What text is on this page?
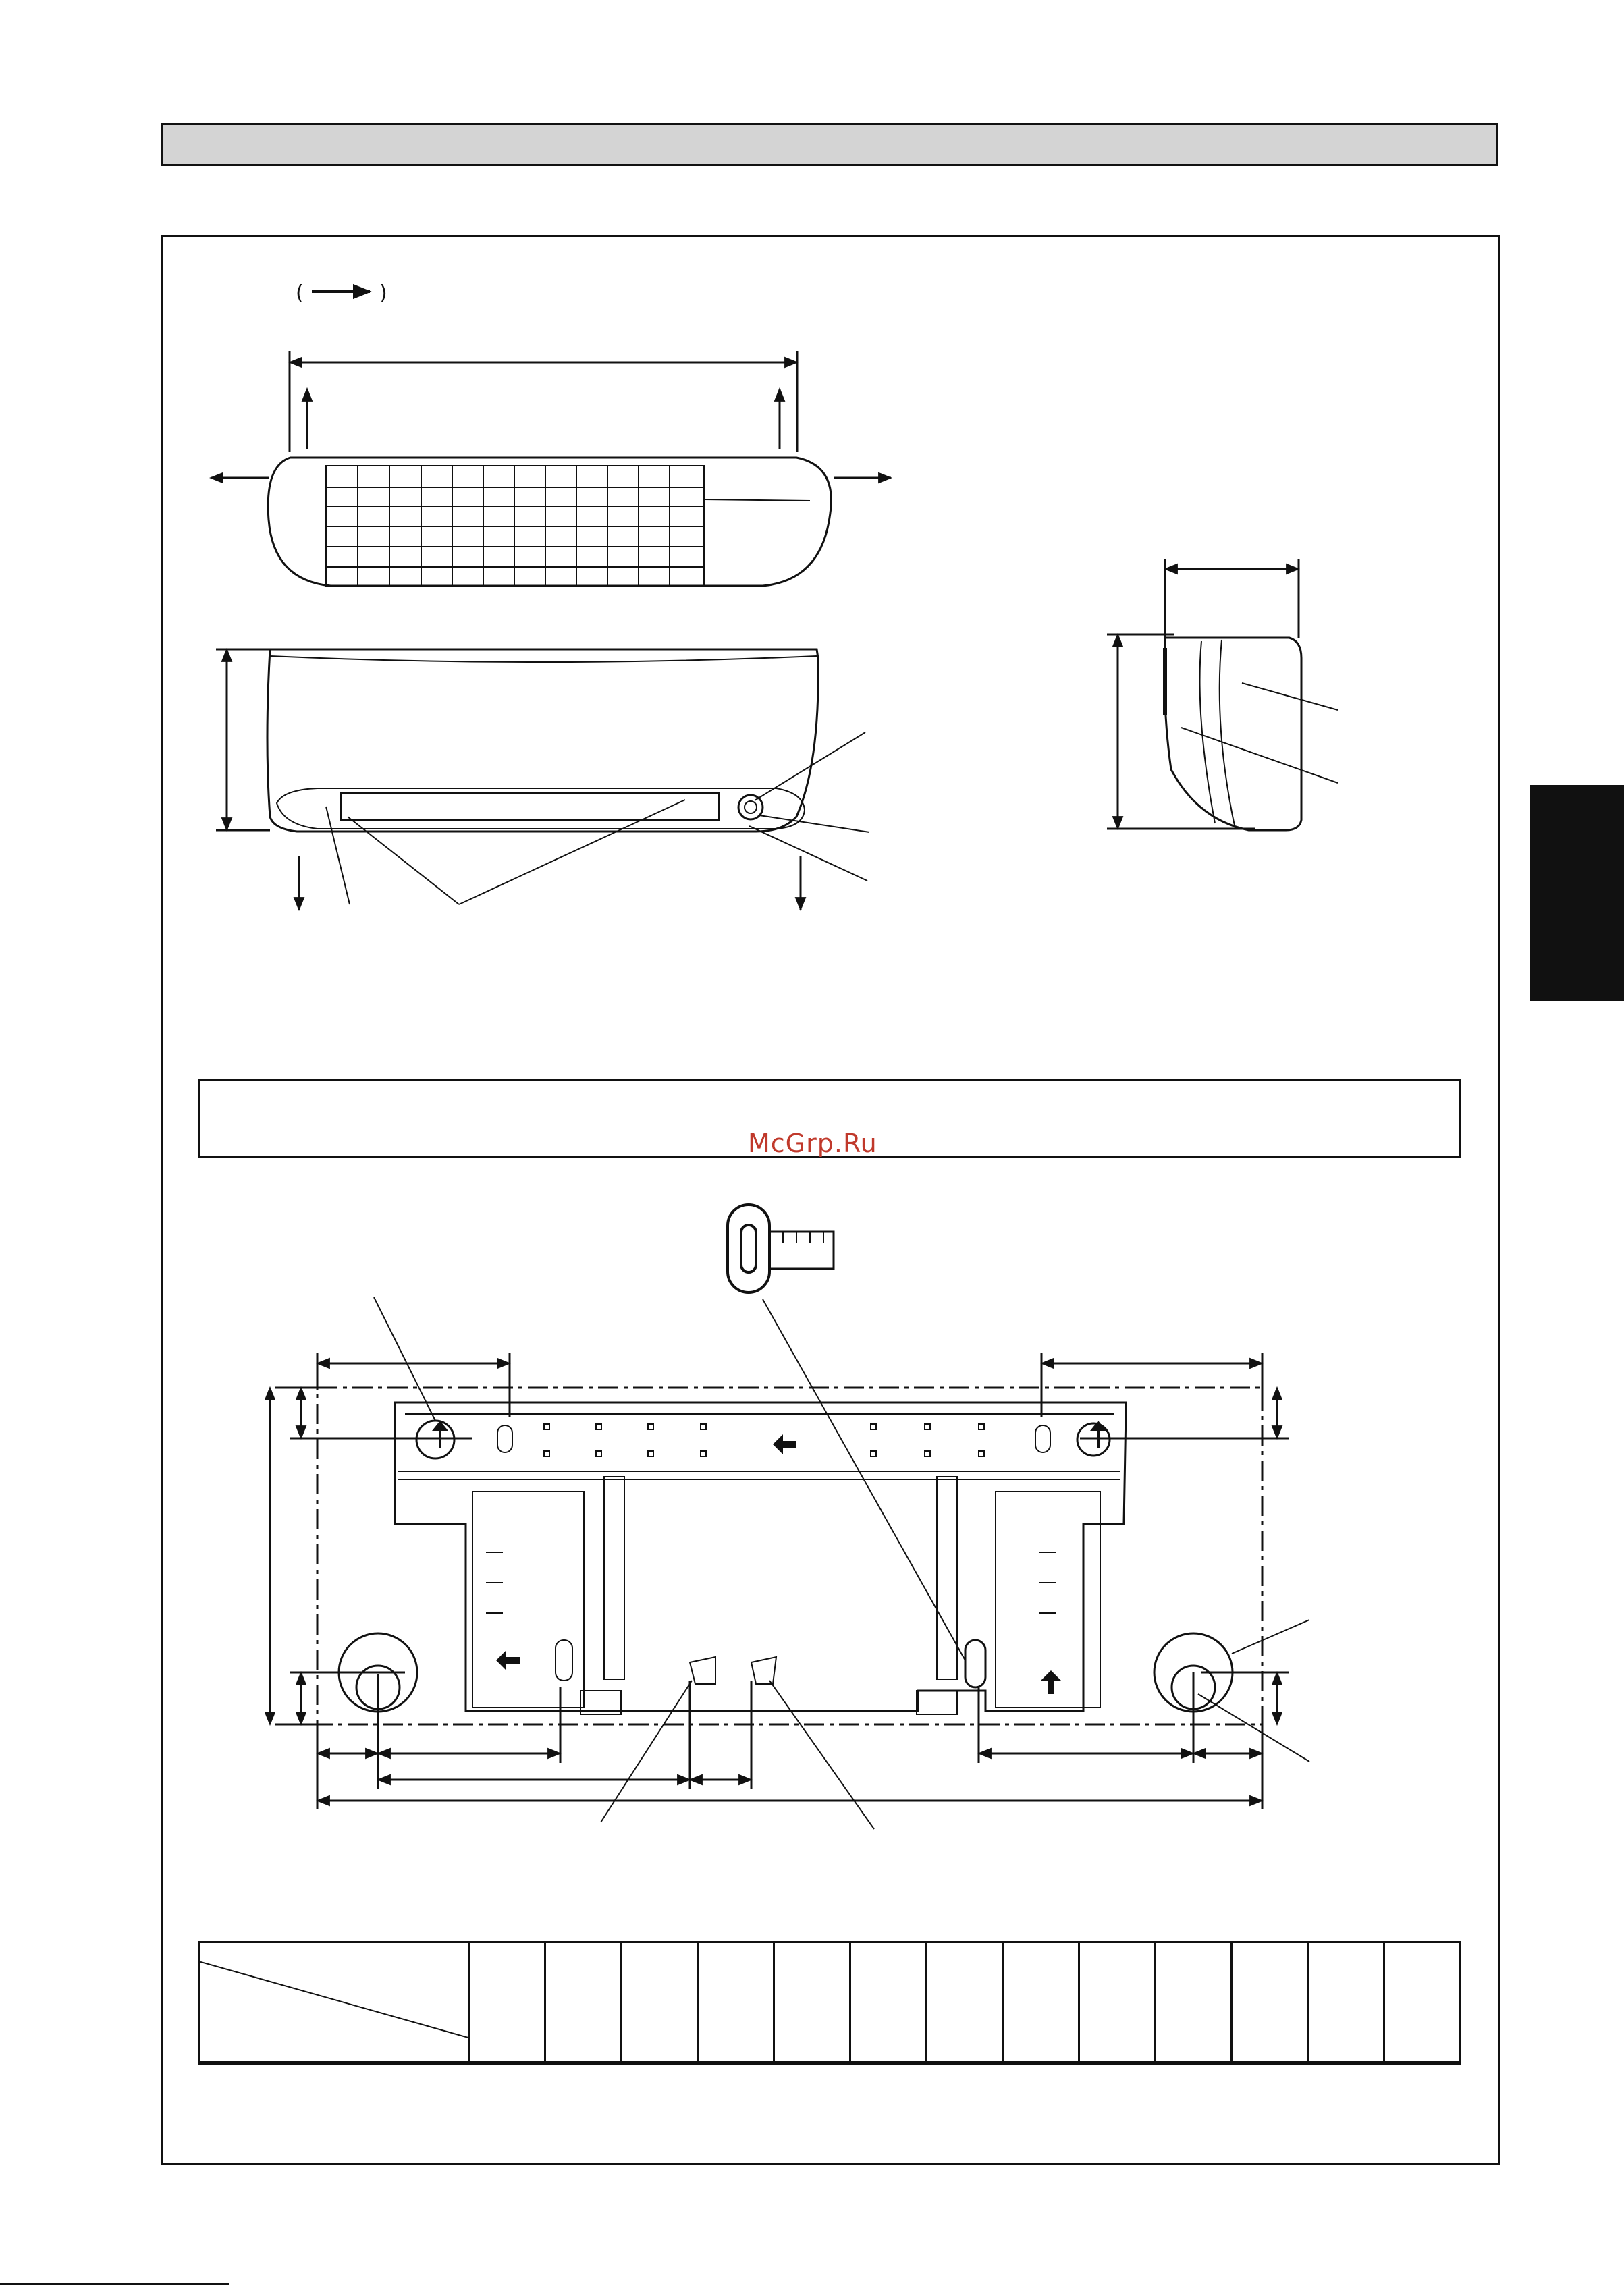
McGrp.Ru
(	)
